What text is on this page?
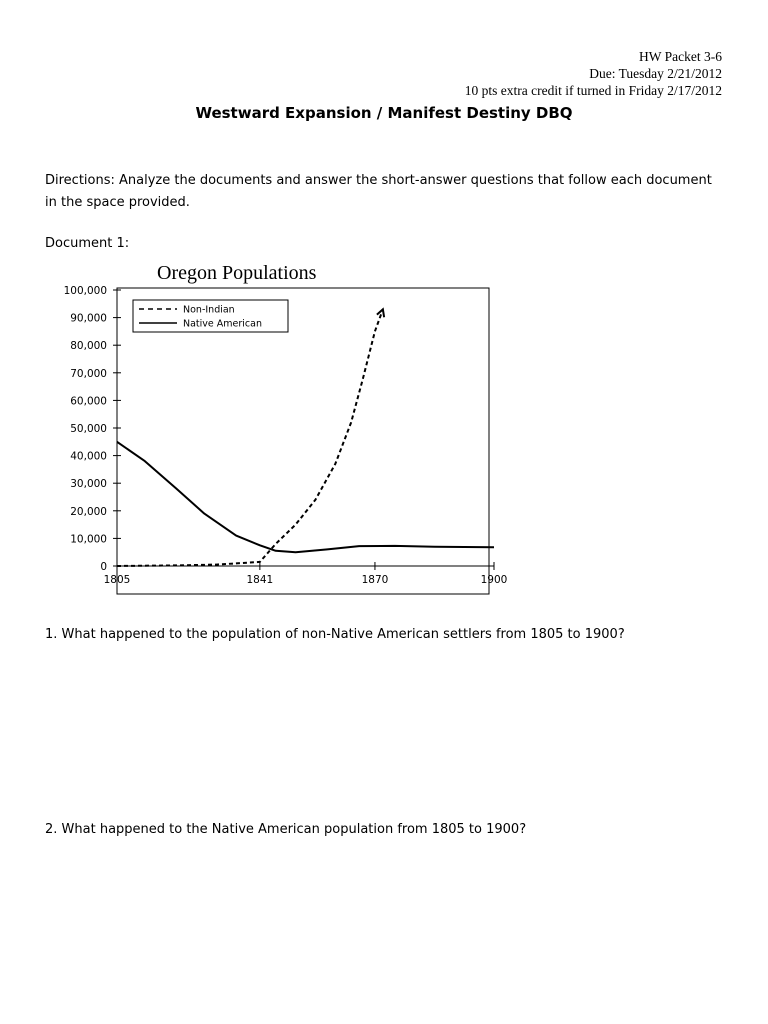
HW Packet 3-6
Due: Tuesday 2/21/2012
10 pts extra credit if turned in Friday 2/17/2012
Westward Expansion / Manifest Destiny DBQ
Directions: Analyze the documents and answer the short-answer questions that follow each document in the space provided.
Document 1:
Oregon Populations
0
10,000
20,000
30,000
40,000
50,000
60,000
70,000
80,000
90,000
100,000
1805	1841	1870	1900
Non-Indian
Native American
1. What happened to the population of non-Native American settlers from 1805 to 1900?
2. What happened to the Native American population from 1805 to 1900?
